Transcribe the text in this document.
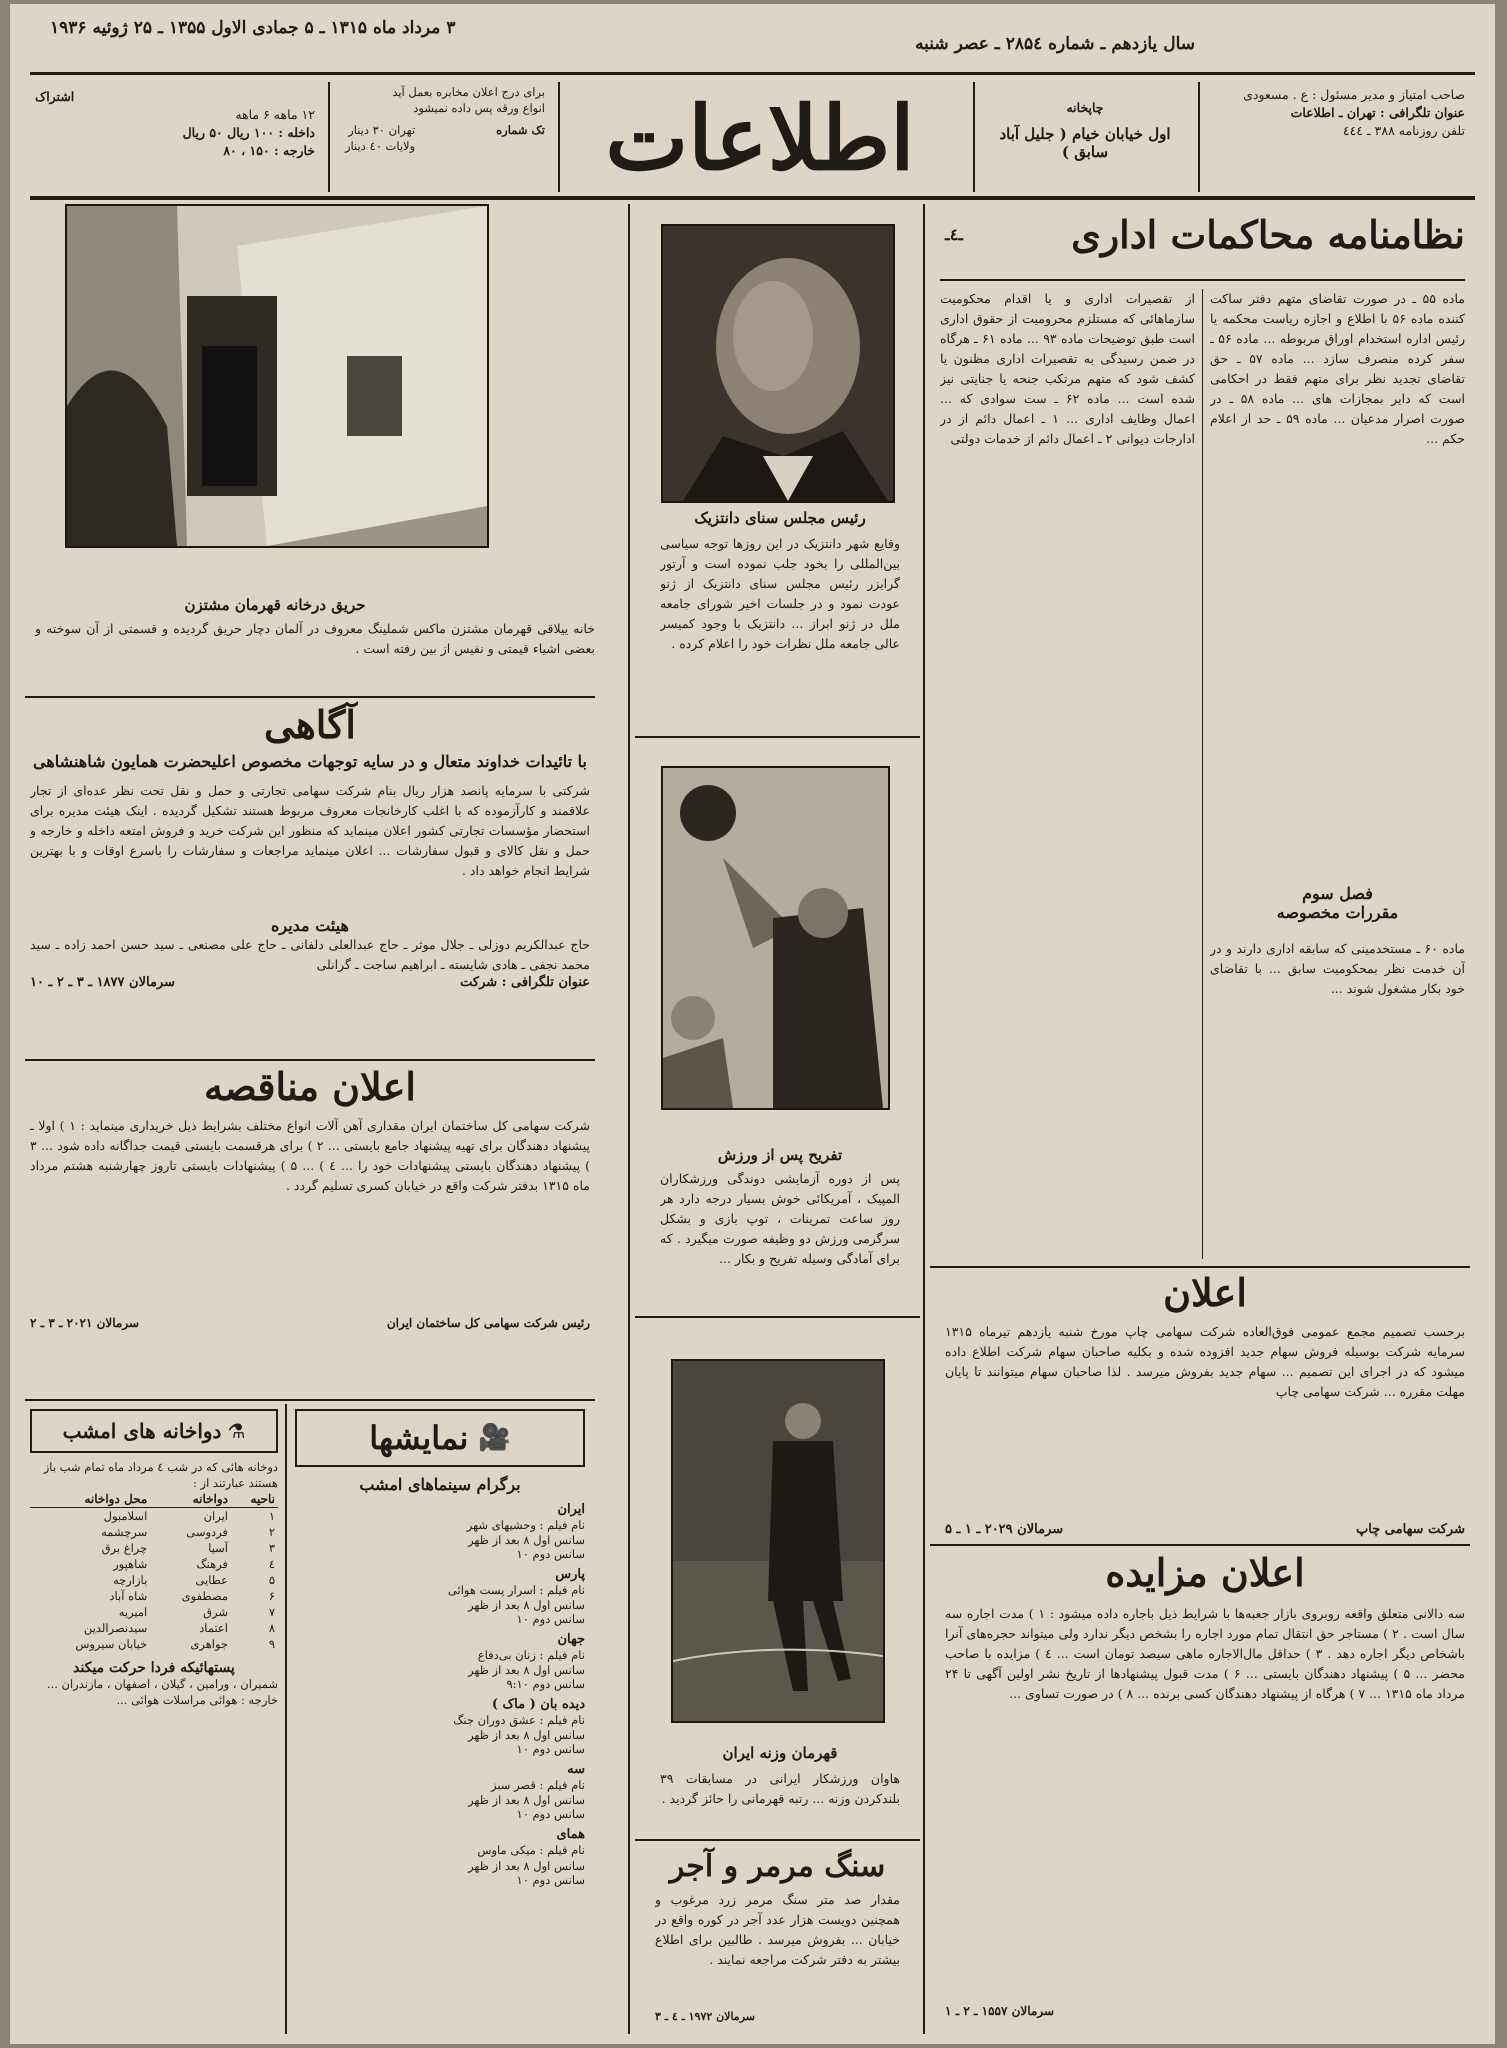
۳ مرداد ماه ۱۳۱۵ ـ ۵ جمادی الاول ۱۳۵۵ ـ ۲۵ ژوئیه ۱۹۳۶
سال یازدهم ـ شماره ۲۸۵٤ ـ عصر شنبه
صاحب امتیاز و مدیر مسئول : ع . مسعودی
عنوان تلگرافی : تهران ـ اطلاعات
تلفن روزنامه ۳۸۸ ـ ٤٤٤
چاپخانه
اول خیابان خیام ( جلیل آباد سابق )
اطلاعات
برای درج اعلان مخابره بعمل آید
انواع ورقه پس داده نمیشود
تک شماره
تهران ۳۰ دینار
ولایات ٤۰ دینار
اشتراک
۱۲ ماهه ۶ ماهه
داخله : ۱۰۰ ریال ۵۰ ریال
خارجه : ۱۵۰ ، ۸۰
نظامنامه محاکمات اداری
ـ٤ـ
ماده ۵۵ ـ در صورت تقاضای متهم دفتر ساکت کننده ماده ۵۶ با اطلاع و اجازه ریاست محکمه یا رئیس اداره استخدام اوراق مربوطه ... ماده ۵۶ ـ سفر کرده منصرف سازد ... ماده ۵۷ ـ حق تقاضای تجدید نظر برای متهم فقط در احکامی است که دایر بمجازات های ... ماده ۵۸ ـ در صورت اصرار مدعیان ... ماده ۵۹ ـ حد از اعلام حکم ...
از تقصیرات اداری و یا اقدام محکومیت سازماهائی که مستلزم محرومیت از حقوق اداری است طبق توضیحات ماده ۹۳ ... ماده ۶۱ ـ هرگاه در ضمن رسیدگی به تقصیرات اداری مظنون یا کشف شود که متهم مرتکب جنحه یا جنایتی نیز شده است ... ماده ۶۲ ـ ست سوادی که ... اعمال وظایف اداری ... ۱ ـ اعمال دائم از در ادارجات دیوانی ۲ ـ اعمال دائم از خدمات دولتی
فصل سوم
مقررات مخصوصه
ماده ۶۰ ـ مستخدمینی که سابقه اداری دارند و در آن خدمت نظر بمحکومیت سابق ... با تقاضای خود بکار مشغول شوند ...
اعلان
برحسب تصمیم مجمع عمومی فوق‌العاده شرکت سهامی چاپ مورخ شنبه یازدهم تیرماه ۱۳۱۵ سرمایه شرکت بوسیله فروش سهام جدید افزوده شده و بکلیه صاحبان سهام شرکت اطلاع داده میشود که در اجرای این تصمیم ... سهام جدید بفروش میرسد . لذا صاحبان سهام میتوانند تا پایان مهلت مقرره ... شرکت سهامی چاپ
شرکت سهامی چاپ
سرمالان ۲۰۲۹ ـ ۱ ـ ۵
اعلان مزایده
سه دالانی متعلق واقعه روبروی بازار جعبه‌ها با شرایط ذیل باجاره داده میشود : ۱ ) مدت اجاره سه سال است . ۲ ) مستاجر حق انتقال تمام مورد اجاره را بشخص دیگر ندارد ولی میتواند حجره‌های آنرا باشخاص دیگر اجاره دهد . ۳ ) حداقل مال‌الاجاره ماهی سیصد تومان است ... ٤ ) مزایده با صاحب محضر ... ۵ ) پیشنهاد دهندگان بایستی ... ۶ ) مدت قبول پیشنهادها از تاریخ نشر اولین آگهی تا ۲۴ مرداد ماه ۱۳۱۵ ... ۷ ) هرگاه از پیشنهاد دهندگان کسی برنده ... ۸ ) در صورت تساوی ...
سرمالان ۱۵۵۷ ـ ۲ ـ ۱
رئیس مجلس سنای دانتزیک
وقایع شهر دانتزیک در این روزها توجه سیاسی بین‌المللی را بخود جلب نموده است و آرتور گرایزر رئیس مجلس سنای دانتزیک از ژنو عودت نمود و در جلسات اخیر شورای جامعه ملل در ژنو ابراز ... دانتزیک با وجود کمیسر عالی جامعه ملل نظرات خود را اعلام کرده .
تفریح پس از ورزش
پس از دوره آزمایشی دوندگی ورزشکاران المپیک ، آمریکائی خوش بسیار درجه دارد هر روز ساعت تمرینات ، توپ بازی و بشکل سرگرمی ورزش دو وظیفه صورت میگیرد . که برای آمادگی وسیله تفریح و بکار ...
قهرمان وزنه ایران
هاوان ورزشکار ایرانی در مسابقات ۳۹ بلندکردن وزنه ... رتبه قهرمانی را حائز گردید .
سنگ مرمر و آجر
مقدار صد متر سنگ مرمر زرد مرغوب و همچنین دویست هزار عدد آجر در کوره واقع در خیابان ... بفروش میرسد . طالبین برای اطلاع بیشتر به دفتر شرکت مراجعه نمایند .
سرمالان ۱۹۷۲ ـ ٤ ـ ۳
حریق درخانه قهرمان مشتزن
خانه ییلاقی قهرمان مشتزن ماکس شملینگ معروف در آلمان دچار حریق گردیده و قسمتی از آن سوخته و بعضی اشیاء قیمتی و نفیس از بین رفته است .
آگاهی
با تائیدات خداوند متعال و در سایه توجهات مخصوص اعلیحضرت همایون شاهنشاهی
شرکتی با سرمایه پانصد هزار ریال بنام شرکت سهامی تجارتی و حمل و نقل تحت نظر عده‌ای از تجار علاقمند و کارآزموده که با اغلب کارخانجات معروف مربوط هستند تشکیل گردیده . اینک هیئت مدیره برای استحضار مؤسسات تجارتی کشور اعلان مینماید که منظور این شرکت خرید و فروش امتعه داخله و خارجه و حمل و نقل کالای و قبول سفارشات ... اعلان مینماید مراجعات و سفارشات را باسرع اوقات و با بهترین شرایط انجام خواهد داد .
هیئت مدیره
حاج عبدالکریم دوزلی ـ جلال موثر ـ حاج عبدالعلی دلفانی ـ حاج علی مصنعی ـ سید حسن احمد زاده ـ سید محمد نجفی ـ هادی شایسته ـ ابراهیم ساجت ـ گرانلی
عنوان تلگرافی : شرکت
سرمالان ۱۸۷۷ ـ ۳ ـ ۲ ـ ۱۰
اعلان مناقصه
شرکت سهامی کل ساختمان ایران مقداری آهن آلات انواع مختلف بشرایط ذیل خریداری مینماید : ۱ ) اولا ـ پیشنهاد دهندگان برای تهیه پیشنهاد جامع بایستی ... ۲ ) برای هرقسمت بایستی قیمت جداگانه داده شود ... ۳ ) پیشنهاد دهندگان بایستی پیشنهادات خود را ... ٤ ) ... ۵ ) پیشنهادات بایستی تاروز چهارشنبه هشتم مرداد ماه ۱۳۱۵ بدفتر شرکت واقع در خیابان کسری تسلیم گردد .
رئیس شرکت سهامی کل ساختمان ایران
سرمالان ۲۰۲۱ ـ ۳ ـ ۲
🎥
نمایشها
برگرام سینماهای امشب
ایران
نام فیلم : وحشیهای شهر
سانس اول ۸ بعد از ظهر
سانس دوم ۱۰
پارس
نام فیلم : اسرار پست هوائی
سانس اول ۸ بعد از ظهر
سانس دوم ۱۰
جهان
نام فیلم : زنان بی‌دفاع
سانس اول ۸ بعد از ظهر
سانس دوم ۹:۱۰
دیده بان ( ماک )
نام فیلم : عشق دوران جنگ
سانس اول ۸ بعد از ظهر
سانس دوم ۱۰
سه
نام فیلم : قصر سبز
سانس اول ۸ بعد از ظهر
سانس دوم ۱۰
همای
نام فیلم : میکی ماوس
سانس اول ۸ بعد از ظهر
سانس دوم ۱۰
⚗
دواخانه های امشب
دوخانه هائی که در شب ٤ مرداد ماه تمام شب باز هستند عبارتند از :
ناحیه	دواخانه	محل دواخانه
۱	ایران	اسلامبول
۲	فردوسی	سرچشمه
۳	آسیا	چراغ برق
٤	فرهنگ	شاهپور
۵	عطایی	بازارچه
۶	مصطفوی	شاه آباد
۷	شرق	امیریه
۸	اعتماد	سیدنصرالدین
۹	جواهری	خیابان سیروس
پستهائیکه فردا حرکت میکند
شمیران ، ورامین ، گیلان ، اصفهان ، مازندران ... خارجه : هوائی مراسلات هوائی ...
